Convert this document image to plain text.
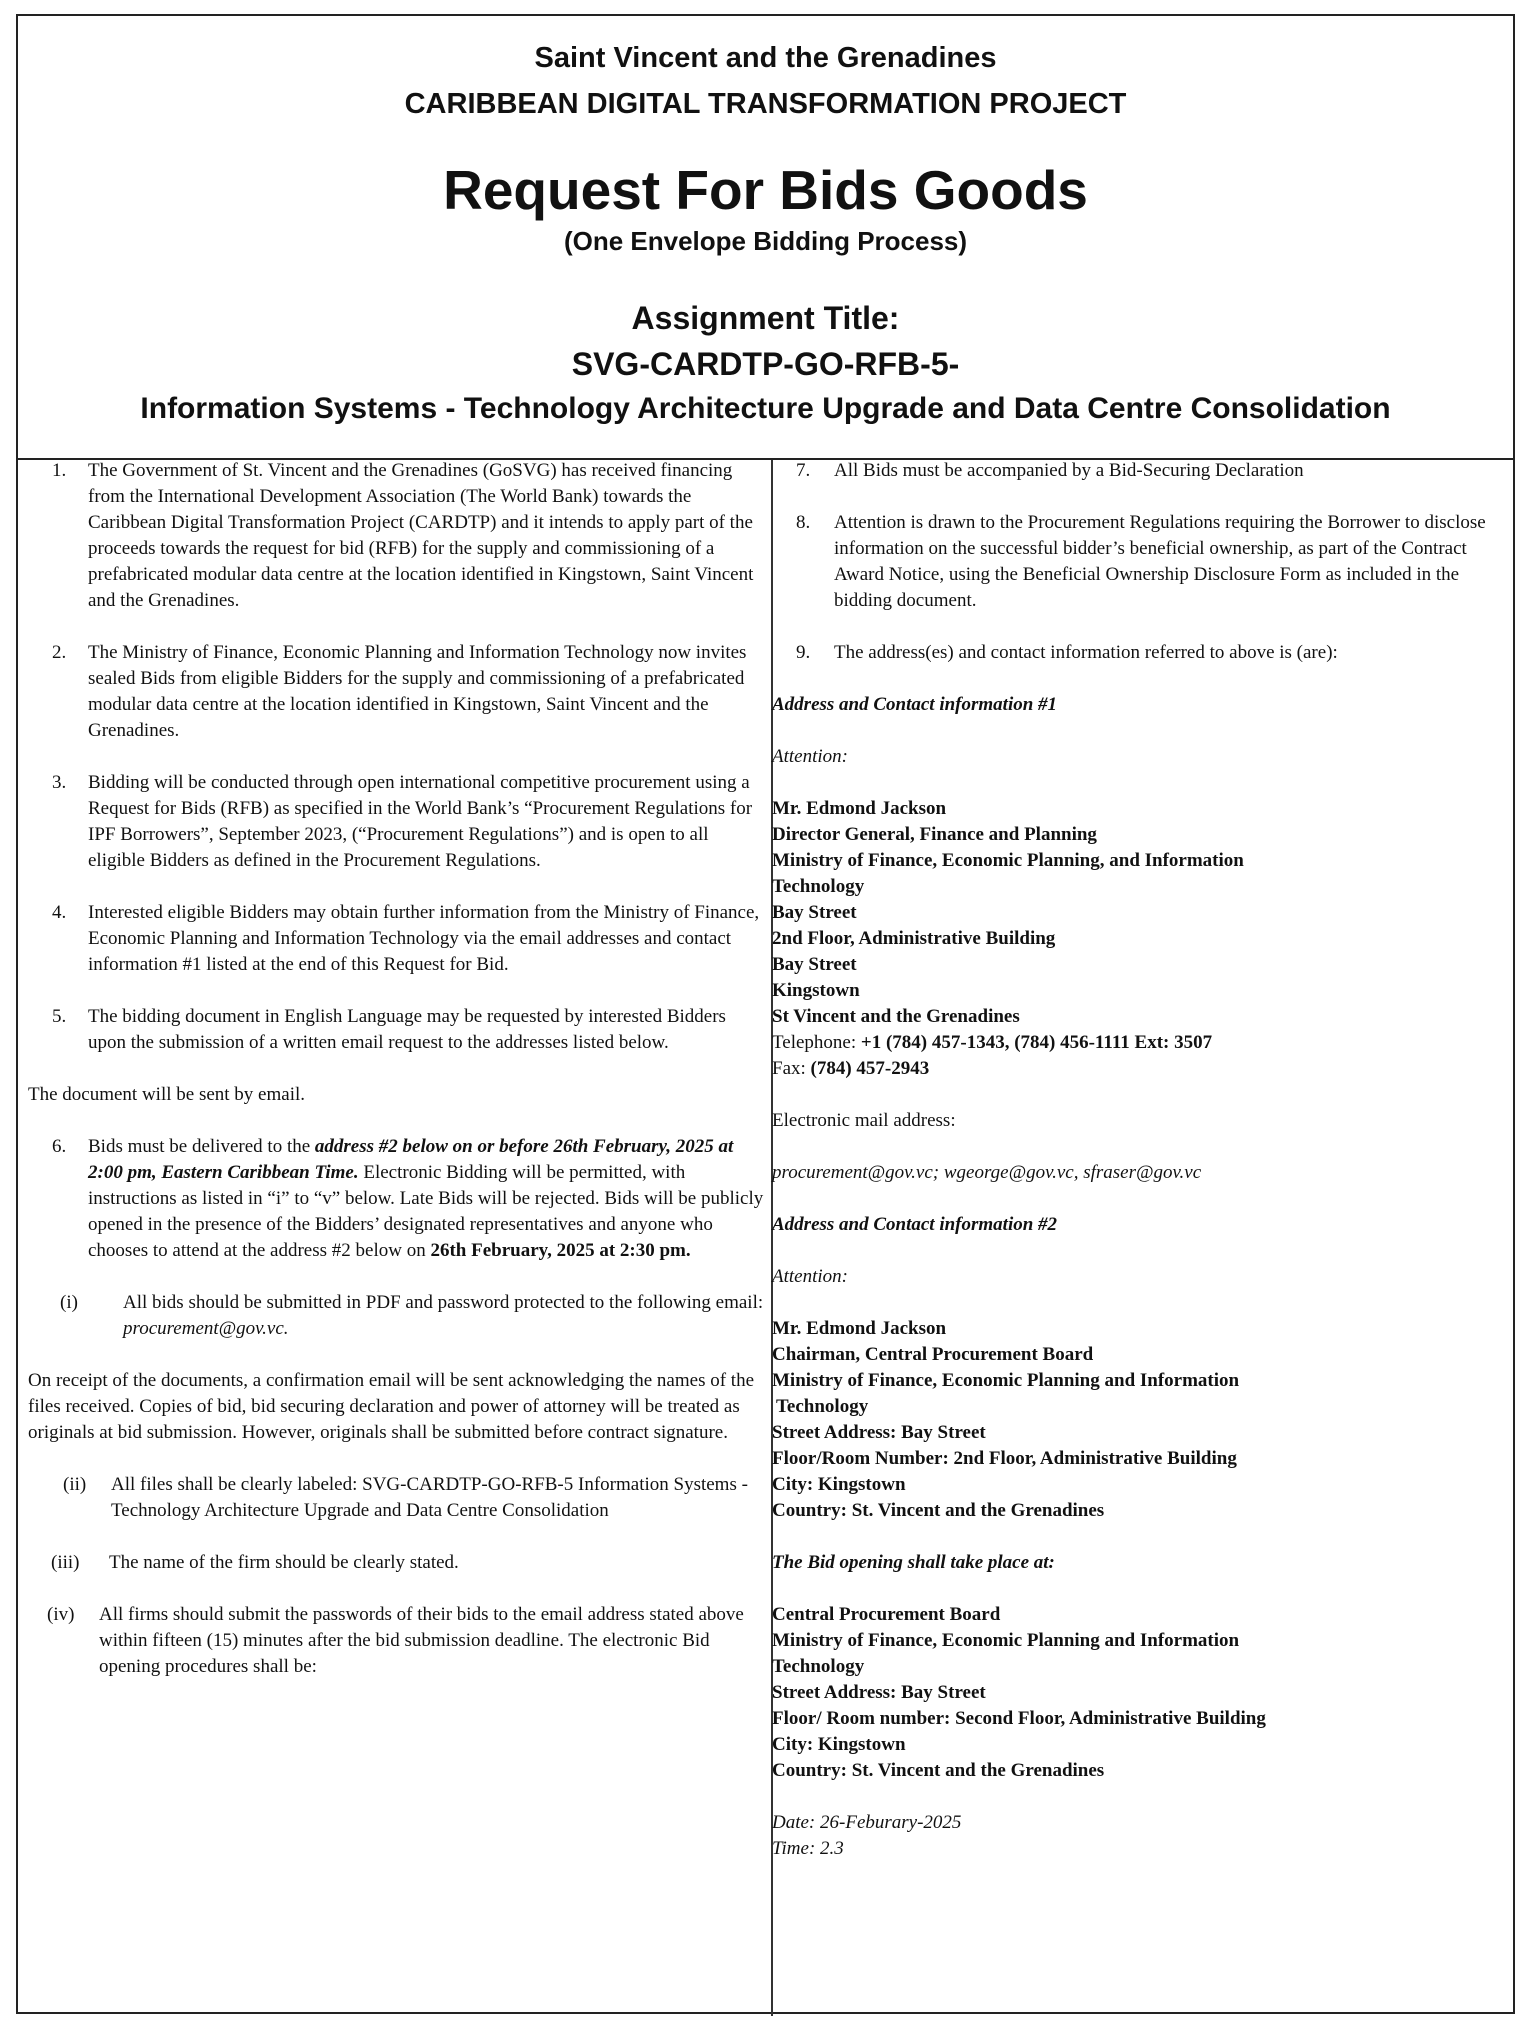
Saint Vincent and the Grenadines
CARIBBEAN DIGITAL TRANSFORMATION PROJECT
Request For Bids Goods
(One Envelope Bidding Process)
Assignment Title:
SVG-CARDTP-GO-RFB-5-
Information Systems - Technology Architecture Upgrade and Data Centre Consolidation
1. The Government of St. Vincent and the Grenadines (GoSVG) has received financing from the International Development Association (The World Bank) towards the Caribbean Digital Transformation Project (CARDTP) and it intends to apply part of the proceeds towards the request for bid (RFB) for the supply and commissioning of a prefabricated modular data centre at the location identified in Kingstown, Saint Vincent and the Grenadines.
2. The Ministry of Finance, Economic Planning and Information Technology now invites sealed Bids from eligible Bidders for the supply and commissioning of a prefabricated modular data centre at the location identified in Kingstown, Saint Vincent and the Grenadines.
3. Bidding will be conducted through open international competitive procurement using a Request for Bids (RFB) as specified in the World Bank’s “Procurement Regulations for IPF Borrowers”, September 2023, (“Procurement Regulations”) and is open to all eligible Bidders as defined in the Procurement Regulations.
4. Interested eligible Bidders may obtain further information from the Ministry of Finance, Economic Planning and Information Technology via the email addresses and contact information #1 listed at the end of this Request for Bid.
5. The bidding document in English Language may be requested by interested Bidders upon the submission of a written email request to the addresses listed below.
The document will be sent by email.
6. Bids must be delivered to the address #2 below on or before 26th February, 2025 at 2:00 pm, Eastern Caribbean Time. Electronic Bidding will be permitted, with instructions as listed in “i” to “v” below. Late Bids will be rejected. Bids will be publicly opened in the presence of the Bidders’ designated representatives and anyone who chooses to attend at the address #2 below on 26th February, 2025 at 2:30 pm.
(i) All bids should be submitted in PDF and password protected to the following email: procurement@gov.vc.
On receipt of the documents, a confirmation email will be sent acknowledging the names of the files received. Copies of bid, bid securing declaration and power of attorney will be treated as originals at bid submission. However, originals shall be submitted before contract signature.
(ii) All files shall be clearly labeled: SVG-CARDTP-GO-RFB-5 Information Systems - Technology Architecture Upgrade and Data Centre Consolidation
(iii) The name of the firm should be clearly stated.
(iv) All firms should submit the passwords of their bids to the email address stated above within fifteen (15) minutes after the bid submission deadline. The electronic Bid opening procedures shall be:
7. All Bids must be accompanied by a Bid-Securing Declaration
8. Attention is drawn to the Procurement Regulations requiring the Borrower to disclose information on the successful bidder’s beneficial ownership, as part of the Contract Award Notice, using the Beneficial Ownership Disclosure Form as included in the bidding document.
9. The address(es) and contact information referred to above is (are):
Address and Contact information #1
Attention:
Mr. Edmond Jackson
Director General, Finance and Planning
Ministry of Finance, Economic Planning, and Information
Technology
Bay Street
2nd Floor, Administrative Building
Bay Street
Kingstown
St Vincent and the Grenadines
Telephone: +1 (784) 457-1343, (784) 456-1111 Ext: 3507
Fax: (784) 457-2943
Electronic mail address:
procurement@gov.vc; wgeorge@gov.vc, sfraser@gov.vc
Address and Contact information #2
Attention:
Mr. Edmond Jackson
Chairman, Central Procurement Board
Ministry of Finance, Economic Planning and Information
Technology
Street Address: Bay Street
Floor/Room Number: 2nd Floor, Administrative Building
City: Kingstown
Country: St. Vincent and the Grenadines
The Bid opening shall take place at:
Central Procurement Board
Ministry of Finance, Economic Planning and Information
Technology
Street Address: Bay Street
Floor/ Room number: Second Floor, Administrative Building
City: Kingstown
Country: St. Vincent and the Grenadines
Date: 26-Feburary-2025
Time: 2.3
